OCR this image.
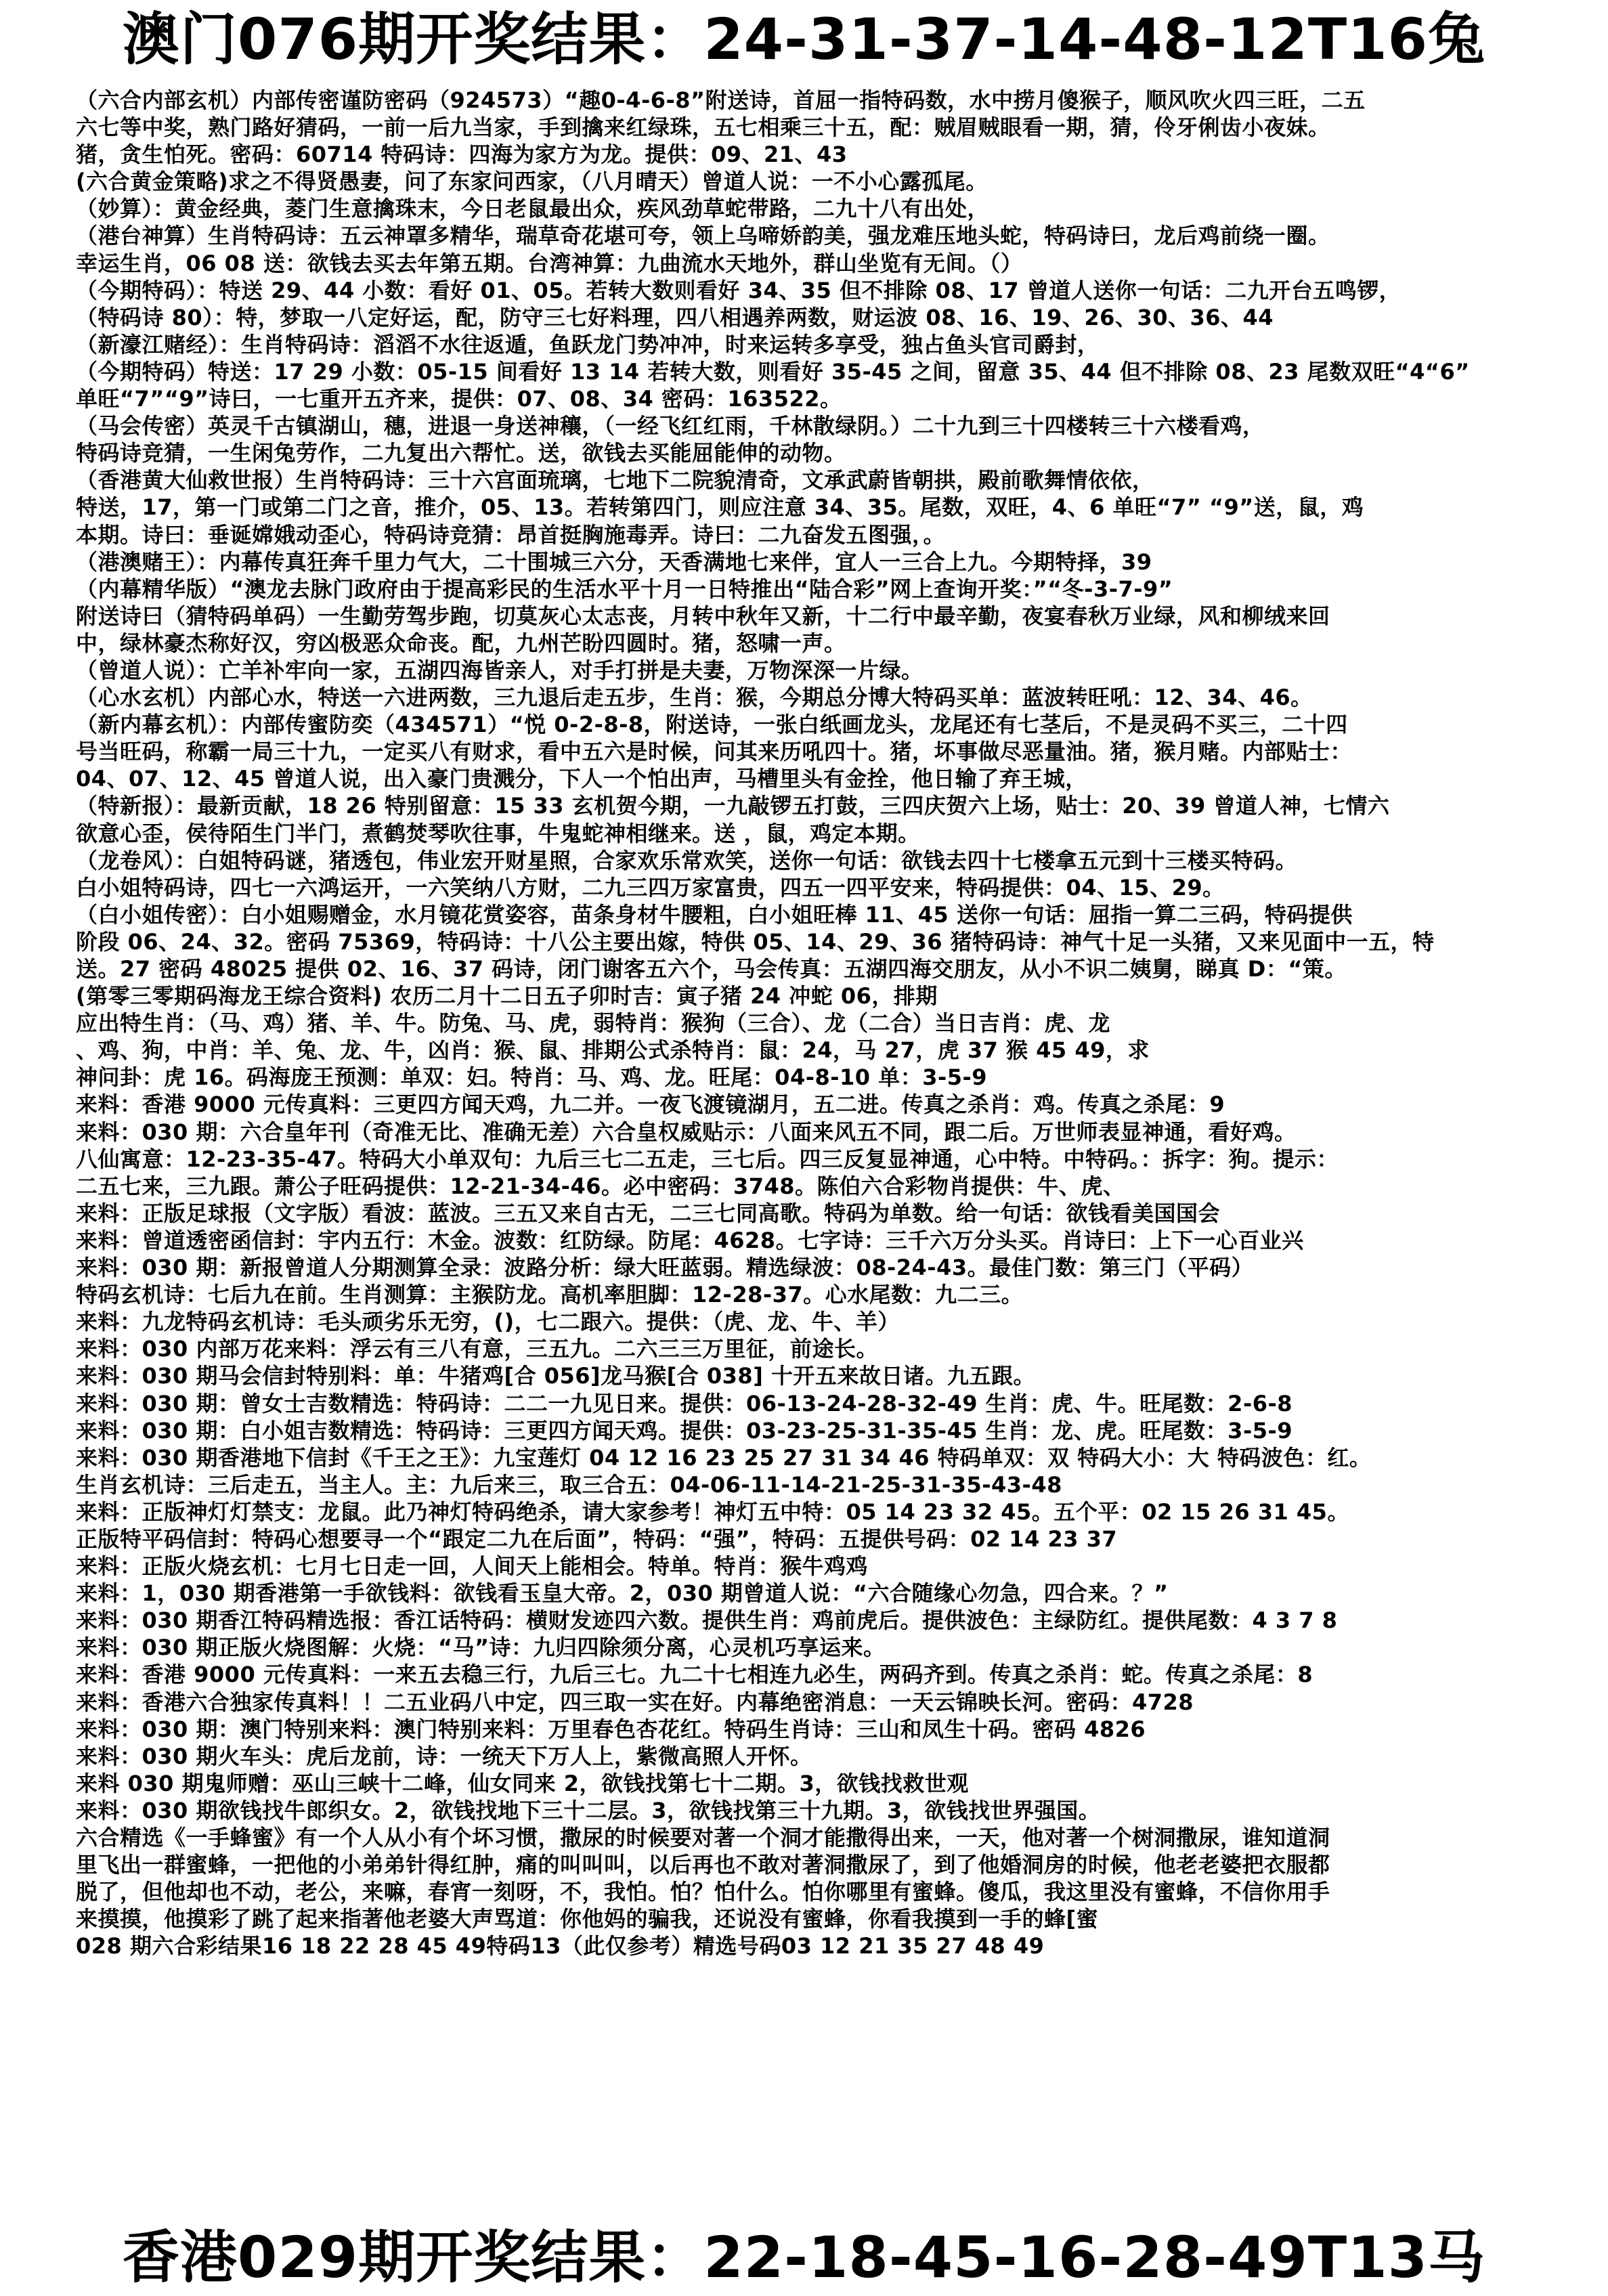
澳门076期开奖结果：24-31-37-14-48-12T16兔
（六合内部玄机）内部传密谨防密码（924573）“趣0-4-6-8”附送诗，首屈一指特码数，水中捞月傻猴子，顺风吹火四三旺，二五
六七等中奖，熟门路好猜码，一前一后九当家，手到擒来红绿珠，五七相乘三十五，配：贼眉贼眼看一期，猜，伶牙俐齿小夜妹。
猪，贪生怕死。密码：60714 特码诗：四海为家方为龙。提供：09、21、43
(六合黄金策略)求之不得贤愚妻，问了东家问西家，（八月晴天）曾道人说：一不小心露孤尾。
（妙算）：黄金经典，菱门生意擒珠末，今日老鼠最出众，疾风劲草蛇带路，二九十八有出处，
（港台神算）生肖特码诗：五云神罩多精华，瑞草奇花堪可夸，领上乌啼娇韵美，强龙难压地头蛇，特码诗曰，龙后鸡前绕一圈。
幸运生肖，06 08 送：欲钱去买去年第五期。台湾神算：九曲流水天地外，群山坐览有无间。（）
（今期特码）：特送 29、44 小数：看好 01、05。若转大数则看好 34、35 但不排除 08、17 曾道人送你一句话：二九开台五鸣锣，
（特码诗 80）：特，梦取一八定好运，配，防守三七好料理，四八相遇养两数，财运波 08、16、19、26、30、36、44
（新濠江赌经）：生肖特码诗：滔滔不水往返遁，鱼跃龙门势冲冲，时来运转多享受，独占鱼头官司爵封，
（今期特码）特送：17 29 小数：05-15 间看好 13 14 若转大数，则看好 35-45 之间，留意 35、44 但不排除 08、23 尾数双旺“4“6”
单旺“7”“9”诗曰，一七重开五齐来，提供：07、08、34 密码：163522。
（马会传密）英灵千古镇湖山，穗，进退一身送神穰，（一经飞红红雨，千林散绿阴。）二十九到三十四楼转三十六楼看鸡，
特码诗竞猜，一生闲兔劳作，二九复出六帮忙。送，欲钱去买能屈能伸的动物。
（香港黄大仙救世报）生肖特码诗：三十六宫面琉璃，七地下二院貌清奇，文承武蔚皆朝拱，殿前歌舞情依依，
特送，17，第一门或第二门之音，推介，05、13。若转第四门，则应注意 34、35。尾数，双旺，4、6 单旺“7” “9”送，鼠，鸡
本期。诗曰：垂诞嫦娥动歪心，特码诗竞猜：昂首挺胸施毒弄。诗曰：二九奋发五图强，。
（港澳赌王）：内幕传真狂奔千里力气大，二十围城三六分，天香满地七来伴，宜人一三合上九。今期特择，39
（内幕精华版）“澳龙去脉门政府由于提高彩民的生活水平十月一日特推出“陆合彩”网上查询开奖：”“冬-3-7-9”
附送诗曰（猜特码单码）一生勤劳驾步跑，切莫灰心太志丧，月转中秋年又新，十二行中最辛勤，夜宴春秋万业绿，风和柳绒来回
中，绿林豪杰称好汉，穷凶极恶众命丧。配，九州芒盼四圆时。猪，怒啸一声。
（曾道人说）：亡羊补牢向一家，五湖四海皆亲人，对手打拼是夫妻，万物深深一片绿。
（心水玄机）内部心水，特送一六进两数，三九退后走五步，生肖：猴，今期总分博大特码买单：蓝波转旺吼：12、34、46。
（新内幕玄机）：内部传蜜防奕（434571）“悦 0-2-8-8，附送诗，一张白纸画龙头，龙尾还有七茎后，不是灵码不买三，二十四
号当旺码，称霸一局三十九，一定买八有财求，看中五六是时候，问其来历吼四十。猪，坏事做尽恶量油。猪，猴月赌。内部贴士：
04、07、12、45 曾道人说，出入豪门贵溅分，下人一个怕出声，马槽里头有金拴，他日输了弃王城，
（特新报）：最新贡献，18 26 特别留意：15 33 玄机贺今期，一九敲锣五打鼓，三四庆贺六上场，贴士：20、39 曾道人神，七情六
欲意心歪，侯待陌生门半门，煮鹤焚琴吹往事，牛鬼蛇神相继来。送 ，鼠，鸡定本期。
（龙卷风）：白姐特码谜，猪透包，伟业宏开财星照，合家欢乐常欢笑，送你一句话：欲钱去四十七楼拿五元到十三楼买特码。
白小姐特码诗，四七一六鸿运开，一六笑纳八方财，二九三四万家富贵，四五一四平安来，特码提供：04、15、29。
（白小姐传密）：白小姐赐赠金，水月镜花赏姿容，苗条身材牛腰粗，白小姐旺棒 11、45 送你一句话：屈指一算二三码，特码提供
阶段 06、24、32。密码 75369，特码诗：十八公主要出嫁，特供 05、14、29、36 猪特码诗：神气十足一头猪，又来见面中一五，特
送。27 密码 48025 提供 02、16、37 码诗，闭门谢客五六个，马会传真：五湖四海交朋友，从小不识二姨舅，睇真 D：“策。
(第零三零期码海龙王综合资料) 农历二月十二日五子卯时吉：寅子猪 24 冲蛇 06，排期
应出特生肖：（马、鸡）猪、羊、牛。防兔、马、虎，弱特肖：猴狗（三合）、龙（二合）当日吉肖：虎、龙
、鸡、狗，中肖：羊、兔、龙、牛，凶肖：猴、鼠、排期公式杀特肖：鼠：24，马 27，虎 37 猴 45 49，求
神问卦：虎 16。码海庞王预测：单双：妇。特肖：马、鸡、龙。旺尾：04-8-10 单：3-5-9
来料：香港 9000 元传真料：三更四方闻天鸡，九二并。一夜飞渡镜湖月，五二进。传真之杀肖：鸡。传真之杀尾：9
来料：030 期：六合皇年刊（奇准无比、准确无差）六合皇权威贴示：八面来风五不同，跟二后。万世师表显神通，看好鸡。
八仙寓意：12-23-35-47。特码大小单双句：九后三七二五走，三七后。四三反复显神通，心中特。中特码。：拆字：狗。提示：
二五七来，三九跟。萧公子旺码提供：12-21-34-46。必中密码：3748。陈伯六合彩物肖提供：牛、虎、
来料：正版足球报（文字版）看波：蓝波。三五又来自古无，二三七同高歌。特码为单数。给一句话：欲钱看美国国会
来料：曾道透密函信封：宇内五行：木金。波数：红防绿。防尾：4628。七字诗：三千六万分头买。肖诗曰：上下一心百业兴
来料：030 期：新报曾道人分期测算全录：波路分析：绿大旺蓝弱。精选绿波：08-24-43。最佳门数：第三门（平码）
特码玄机诗：七后九在前。生肖测算：主猴防龙。高机率胆脚：12-28-37。心水尾数：九二三。
来料：九龙特码玄机诗：毛头顽劣乐无穷，()，七二跟六。提供：（虎、龙、牛、羊）
来料：030 内部万花来料：浮云有三八有意，三五九。二六三三万里征，前途长。
来料：030 期马会信封特别料：单：牛猪鸡[合 056]龙马猴[合 038] 十开五来故日诸。九五跟。
来料：030 期：曾女士吉数精选：特码诗：二二一九见日来。提供：06-13-24-28-32-49 生肖：虎、牛。旺尾数：2-6-8
来料：030 期：白小姐吉数精选：特码诗：三更四方闻天鸡。提供：03-23-25-31-35-45 生肖：龙、虎。旺尾数：3-5-9
来料：030 期香港地下信封《千王之王》：九宝莲灯 04 12 16 23 25 27 31 34 46 特码单双：双 特码大小：大 特码波色：红。
生肖玄机诗：三后走五，当主人。主：九后来三，取三合五：04-06-11-14-21-25-31-35-43-48
来料：正版神灯灯禁支：龙鼠。此乃神灯特码绝杀，请大家参考！神灯五中特：05 14 23 32 45。五个平：02 15 26 31 45。
正版特平码信封：特码心想要寻一个“跟定二九在后面”，特码：“强”，特码：五提供号码：02 14 23 37
来料：正版火烧玄机：七月七日走一回，人间天上能相会。特单。特肖：猴牛鸡鸡
来料：1，030 期香港第一手欲钱料：欲钱看玉皇大帝。2，030 期曾道人说：“六合随缘心勿急，四合来。？”
来料：030 期香江特码精选报：香江话特码：横财发迹四六数。提供生肖：鸡前虎后。提供波色：主绿防红。提供尾数：4 3 7 8
来料：030 期正版火烧图解：火烧：“马”诗：九归四除须分离，心灵机巧享运来。
来料：香港 9000 元传真料：一来五去稳三行，九后三七。九二十七相连九必生，两码齐到。传真之杀肖：蛇。传真之杀尾：8
来料：香港六合独家传真料！！二五业码八中定，四三取一实在好。内幕绝密消息：一天云锦映长河。密码：4728
来料：030 期：澳门特别来料：澳门特别来料：万里春色杏花红。特码生肖诗：三山和凤生十码。密码 4826
来料：030 期火车头：虎后龙前，诗：一统天下万人上，紫微高照人开怀。
来料 030 期鬼师赠：巫山三峡十二峰，仙女同来 2，欲钱找第七十二期。3，欲钱找救世观
来料：030 期欲钱找牛郎织女。2，欲钱找地下三十二层。3，欲钱找第三十九期。3，欲钱找世界强国。
六合精选《一手蜂蜜》有一个人从小有个坏习惯，撒尿的时候要对著一个洞才能撒得出来，一天，他对著一个树洞撒尿，谁知道洞
里飞出一群蜜蜂，一把他的小弟弟针得红肿，痛的叫叫叫，以后再也不敢对著洞撒尿了，到了他婚洞房的时候，他老老婆把衣服都
脱了，但他却也不动，老公，来嘛，春宵一刻呀，不，我怕。怕？怕什么。怕你哪里有蜜蜂。傻瓜，我这里没有蜜蜂，不信你用手
来摸摸，他摸彩了跳了起来指著他老婆大声骂道：你他妈的骗我，还说没有蜜蜂，你看我摸到一手的蜂[蜜
028 期六合彩结果16 18 22 28 45 49特码13（此仅参考）精选号码03 12 21 35 27 48 49
香港029期开奖结果：22-18-45-16-28-49T13马
